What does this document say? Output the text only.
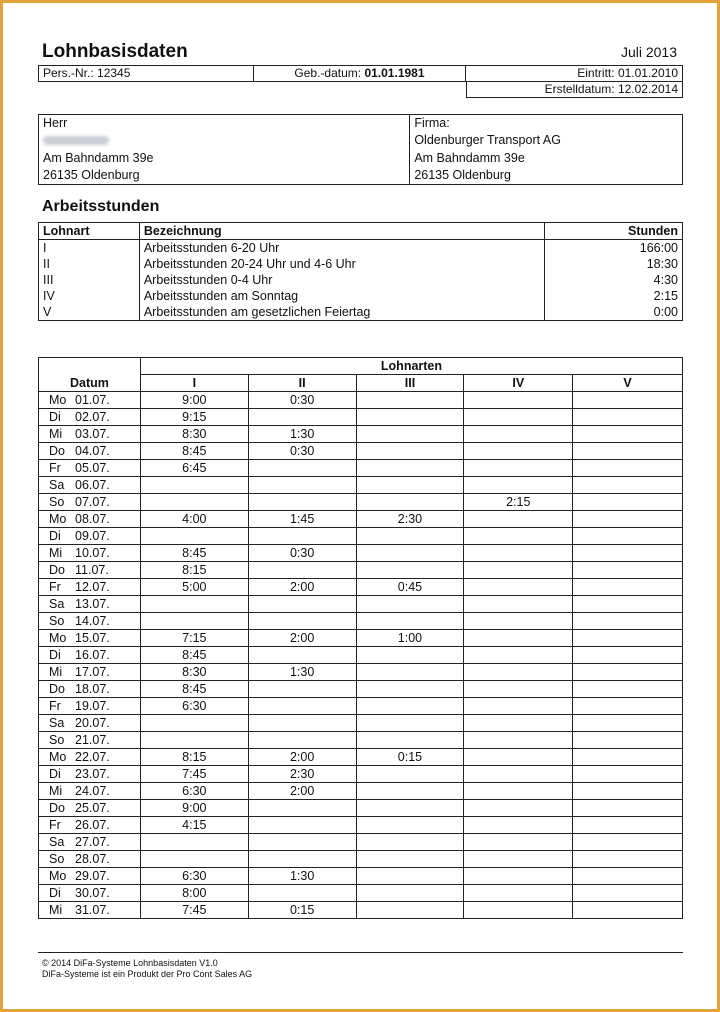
Lohnbasisdaten	Juli 2013
Pers.-Nr.: 12345	Geb.-datum: 01.01.1981	Eintritt: 01.01.2010
Erstelldatum: 12.02.2014
Herr	Firma:
	Oldenburger Transport AG
Am Bahndamm 39e	Am Bahndamm 39e
26135 Oldenburg	26135 Oldenburg
Arbeitsstunden
Lohnart	Bezeichnung	Stunden
I	Arbeitsstunden 6-20 Uhr	166:00
II	Arbeitsstunden 20-24 Uhr und 4-6 Uhr	18:30
III	Arbeitsstunden 0-4 Uhr	4:30
IV	Arbeitsstunden am Sonntag	2:15
V	Arbeitsstunden am gesetzlichen Feiertag	0:00
Datum	Lohnarten				
	I	II	III	IV	V
Mo 01.07.	9:00	0:30			
Di 02.07.	9:15				
Mi 03.07.	8:30	1:30			
Do 04.07.	8:45	0:30			
Fr 05.07.	6:45				
Sa 06.07.					
So 07.07.				2:15	
Mo 08.07.	4:00	1:45	2:30		
Di 09.07.					
Mi 10.07.	8:45	0:30			
Do 11.07.	8:15				
Fr 12.07.	5:00	2:00	0:45		
Sa 13.07.					
So 14.07.					
Mo 15.07.	7:15	2:00	1:00		
Di 16.07.	8:45				
Mi 17.07.	8:30	1:30			
Do 18.07.	8:45				
Fr 19.07.	6:30				
Sa 20.07.					
So 21.07.					
Mo 22.07.	8:15	2:00	0:15		
Di 23.07.	7:45	2:30			
Mi 24.07.	6:30	2:00			
Do 25.07.	9:00				
Fr 26.07.	4:15				
Sa 27.07.					
So 28.07.					
Mo 29.07.	6:30	1:30			
Di 30.07.	8:00				
Mi 31.07.	7:45	0:15			
© 2014 DiFa-Systeme Lohnbasisdaten V1.0
DiFa-Systeme ist ein Produkt der Pro Cont Sales AG
